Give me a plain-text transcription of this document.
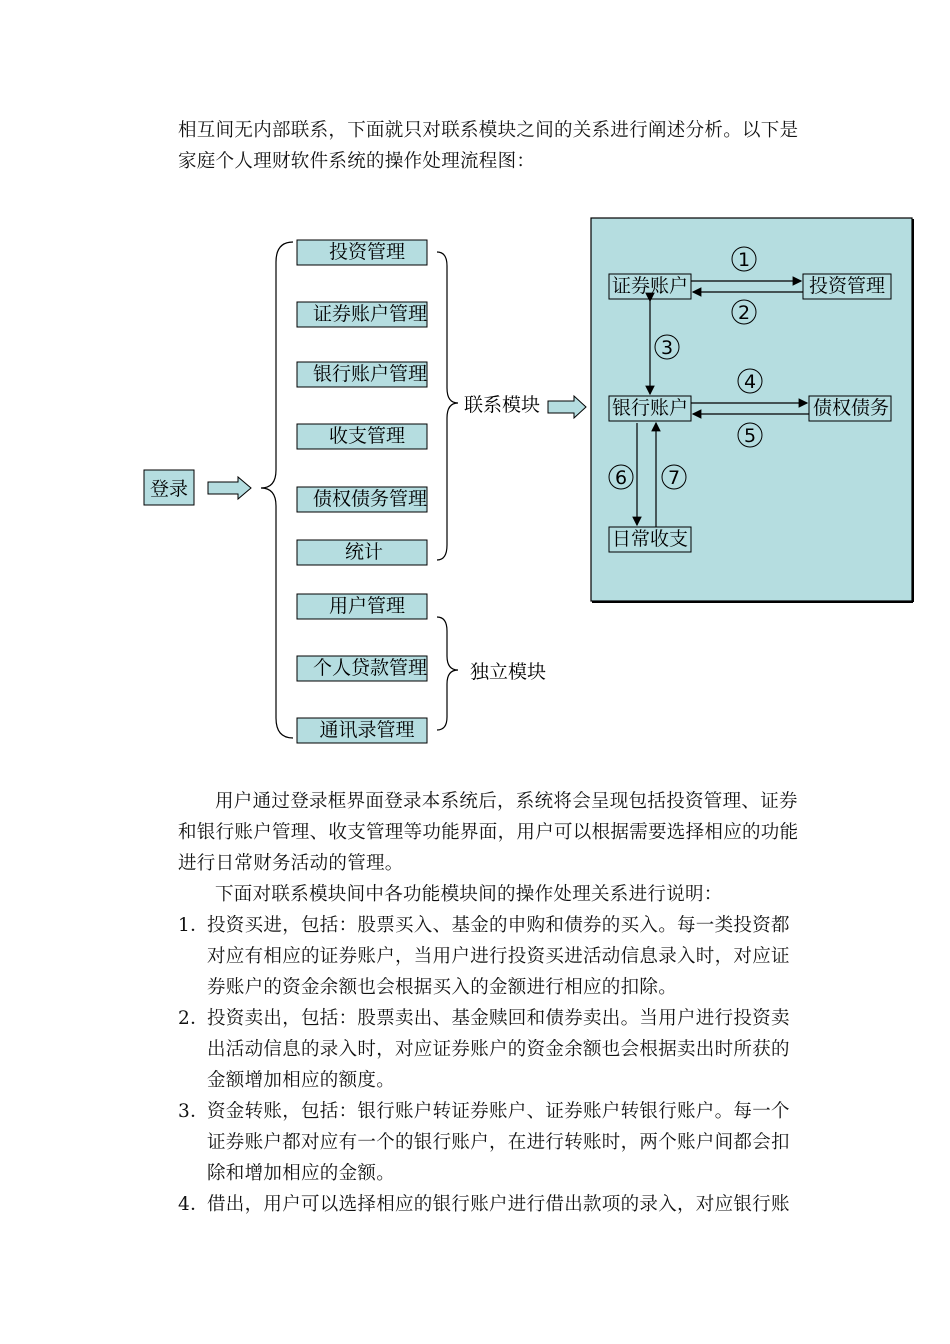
相互间无内部联系，下面就只对联系模块之间的关系进行阐述分析。以下是
家庭个人理财软件系统的操作处理流程图：
登录
投资管理
证券账户管理
银行账户管理
收支管理
债权债务管理
统计
用户管理
个人贷款管理
通讯录管理
联系模块
独立模块
证券账户	投资管理
银行账户	债权债务
日常收支
1
2
3
4
5
6 7
用户通过登录框界面登录本系统后，系统将会呈现包括投资管理、证券
和银行账户管理、收支管理等功能界面，用户可以根据需要选择相应的功能
进行日常财务活动的管理。
下面对联系模块间中各功能模块间的操作处理关系进行说明：
1．
投资买进，包括：股票买入、基金的申购和债券的买入。每一类投资都
对应有相应的证券账户，当用户进行投资买进活动信息录入时，对应证
券账户的资金余额也会根据买入的金额进行相应的扣除。
2．
投资卖出，包括：股票卖出、基金赎回和债券卖出。当用户进行投资卖
出活动信息的录入时，对应证券账户的资金余额也会根据卖出时所获的
金额增加相应的额度。
3．
资金转账，包括：银行账户转证券账户、证券账户转银行账户。每一个
证券账户都对应有一个的银行账户，在进行转账时，两个账户间都会扣
除和增加相应的金额。
4．
借出，用户可以选择相应的银行账户进行借出款项的录入，对应银行账
